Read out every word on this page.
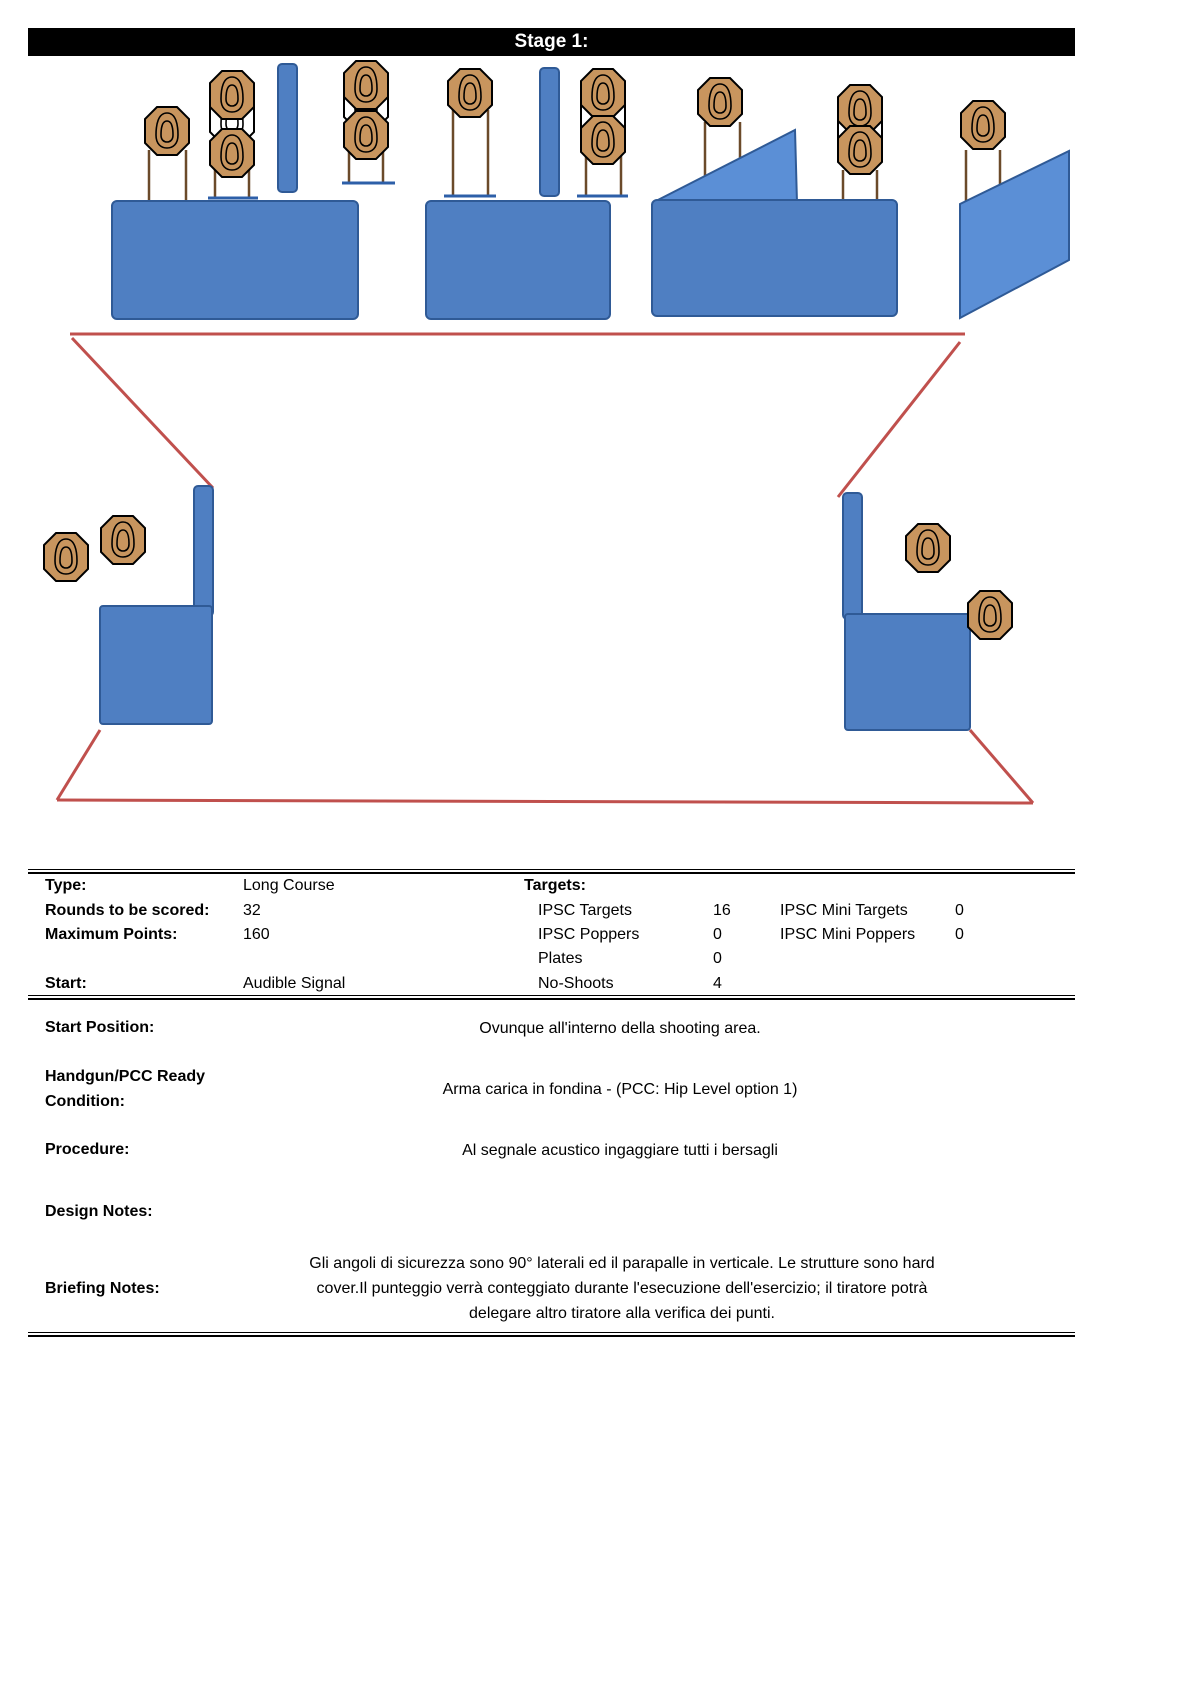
Stage 1:
Type:	Long Course	Targets:
Rounds to be scored: 32	IPSC Targets	16	IPSC Mini Targets	0
Maximum Points:	160	IPSC Poppers	0	IPSC Mini Poppers 0
Plates	0
Start:	Audible Signal	No-Shoots	4
Start Position:	Ovunque all'interno della shooting area.
Handgun/PCC Ready
Condition:
Arma carica in fondina - (PCC: Hip Level option 1)
Procedure:	Al segnale acustico ingaggiare tutti i bersagli
Design Notes:
Briefing Notes:
Gli angoli di sicurezza sono 90° laterali ed il parapalle in verticale. Le strutture sono hard
cover.Il punteggio verrà conteggiato durante l'esecuzione dell'esercizio; il tiratore potrà
delegare altro tiratore alla verifica dei punti.
